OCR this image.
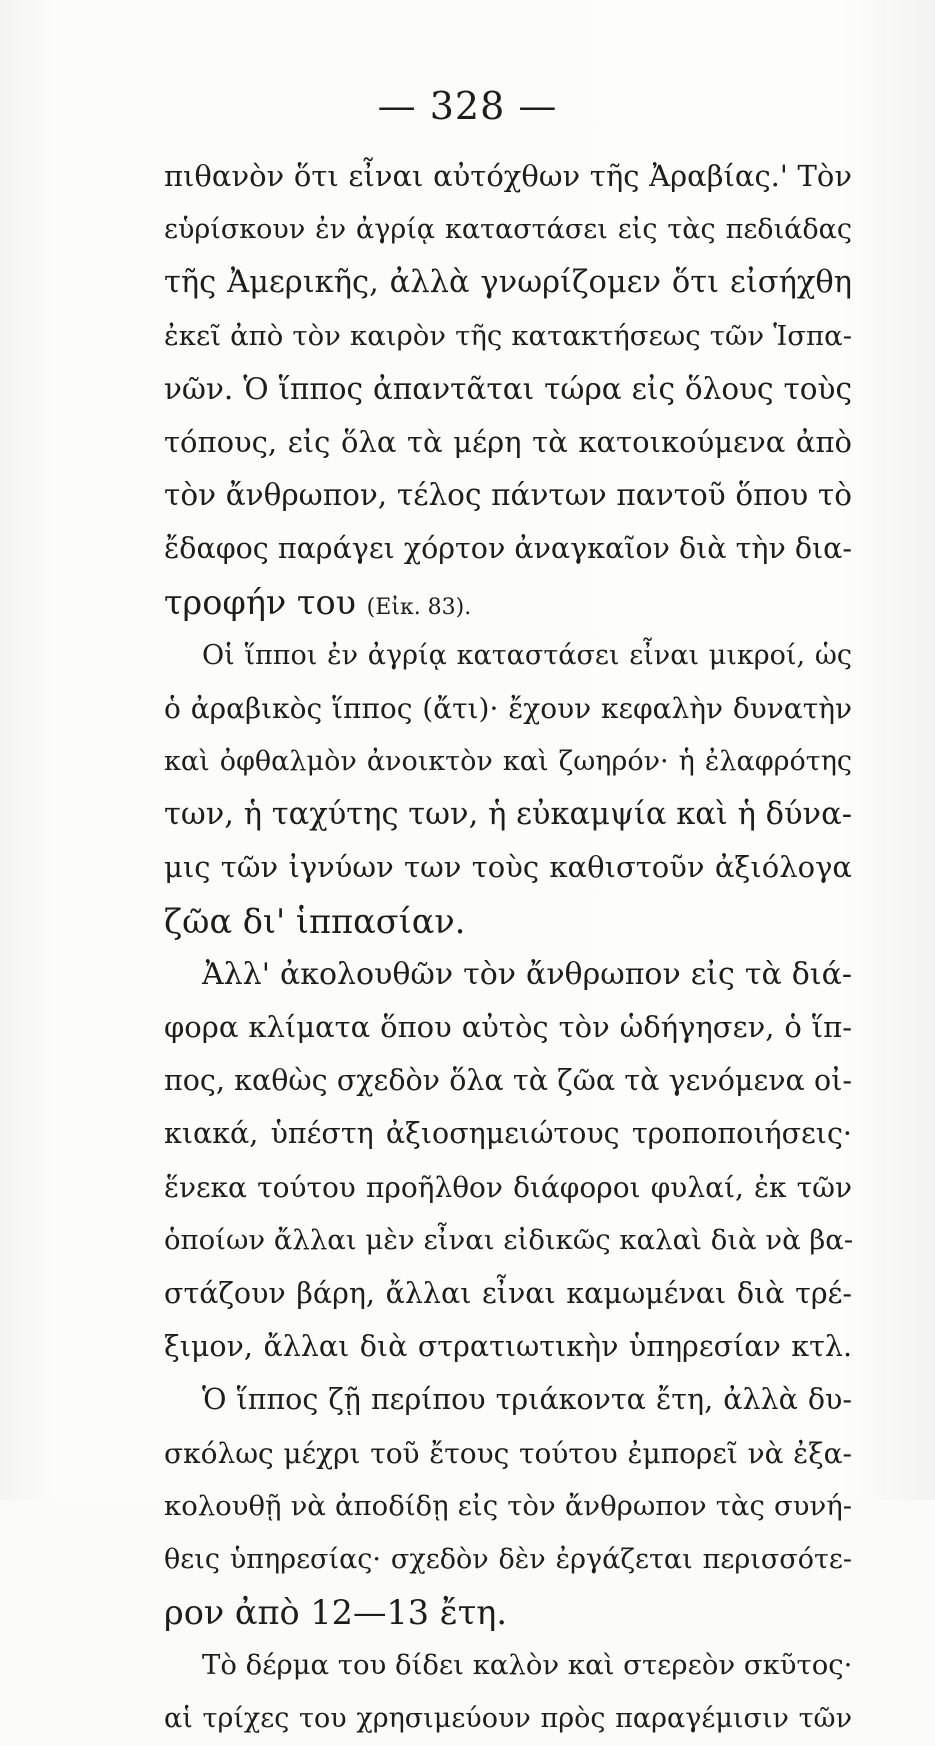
— 328 —
πιθανὸν ὅτι εἶναι αὐτόχθων τῆς Ἀραβίας.' Τὸν
εὑρίσκουν ἐν ἀγρίᾳ καταστάσει εἰς τὰς πεδιάδας
τῆς Ἀμερικῆς, ἀλλὰ γνωρίζομεν ὅτι εἰσήχθη
ἐκεῖ ἀπὸ τὸν καιρὸν τῆς κατακτήσεως τῶν Ἱσπα-
νῶν. Ὁ ἵππος ἀπαντᾶται τώρα εἰς ὅλους τοὺς
τόπους, εἰς ὅλα τὰ μέρη τὰ κατοικούμενα ἀπὸ
τὸν ἄνθρωπον, τέλος πάντων παντοῦ ὅπου τὸ
ἔδαφος παράγει χόρτον ἀναγκαῖον διὰ τὴν δια-
τροφήν του (Εἰκ. 83).
Οἱ ἵπποι ἐν ἀγρίᾳ καταστάσει εἶναι μικροί, ὡς
ὁ ἀραβικὸς ἵππος (ἄτι)· ἔχουν κεφαλὴν δυνατὴν
καὶ ὀφθαλμὸν ἀνοικτὸν καὶ ζωηρόν· ἡ ἐλαφρότης
των, ἡ ταχύτης των, ἡ εὐκαμψία καὶ ἡ δύνα-
μις τῶν ἰγνύων των τοὺς καθιστοῦν ἀξιόλογα
ζῶα δι' ἱππασίαν.
Ἀλλ' ἀκολουθῶν τὸν ἄνθρωπον εἰς τὰ διά-
φορα κλίματα ὅπου αὐτὸς τὸν ὡδήγησεν, ὁ ἵπ-
πος, καθὼς σχεδὸν ὅλα τὰ ζῶα τὰ γενόμενα οἰ-
κιακά, ὑπέστη ἀξιοσημειώτους τροποποιήσεις·
ἕνεκα τούτου προῆλθον διάφοροι φυλαί, ἐκ τῶν
ὁποίων ἄλλαι μὲν εἶναι εἰδικῶς καλαὶ διὰ νὰ βα-
στάζουν βάρη, ἄλλαι εἶναι καμωμέναι διὰ τρέ-
ξιμον, ἄλλαι διὰ στρατιωτικὴν ὑπηρεσίαν κτλ.
Ὁ ἵππος ζῇ περίπου τριάκοντα ἔτη, ἀλλὰ δυ-
σκόλως μέχρι τοῦ ἔτους τούτου ἐμπορεῖ νὰ ἐξα-
κολουθῇ νὰ ἀποδίδῃ εἰς τὸν ἄνθρωπον τὰς συνή-
θεις ὑπηρεσίας· σχεδὸν δὲν ἐργάζεται περισσότε-
ρον ἀπὸ 12—13 ἔτη.
Τὸ δέρμα του δίδει καλὸν καὶ στερεὸν σκῦτος·
αἱ τρίχες του χρησιμεύουν πρὸς παραγέμισιν τῶν
